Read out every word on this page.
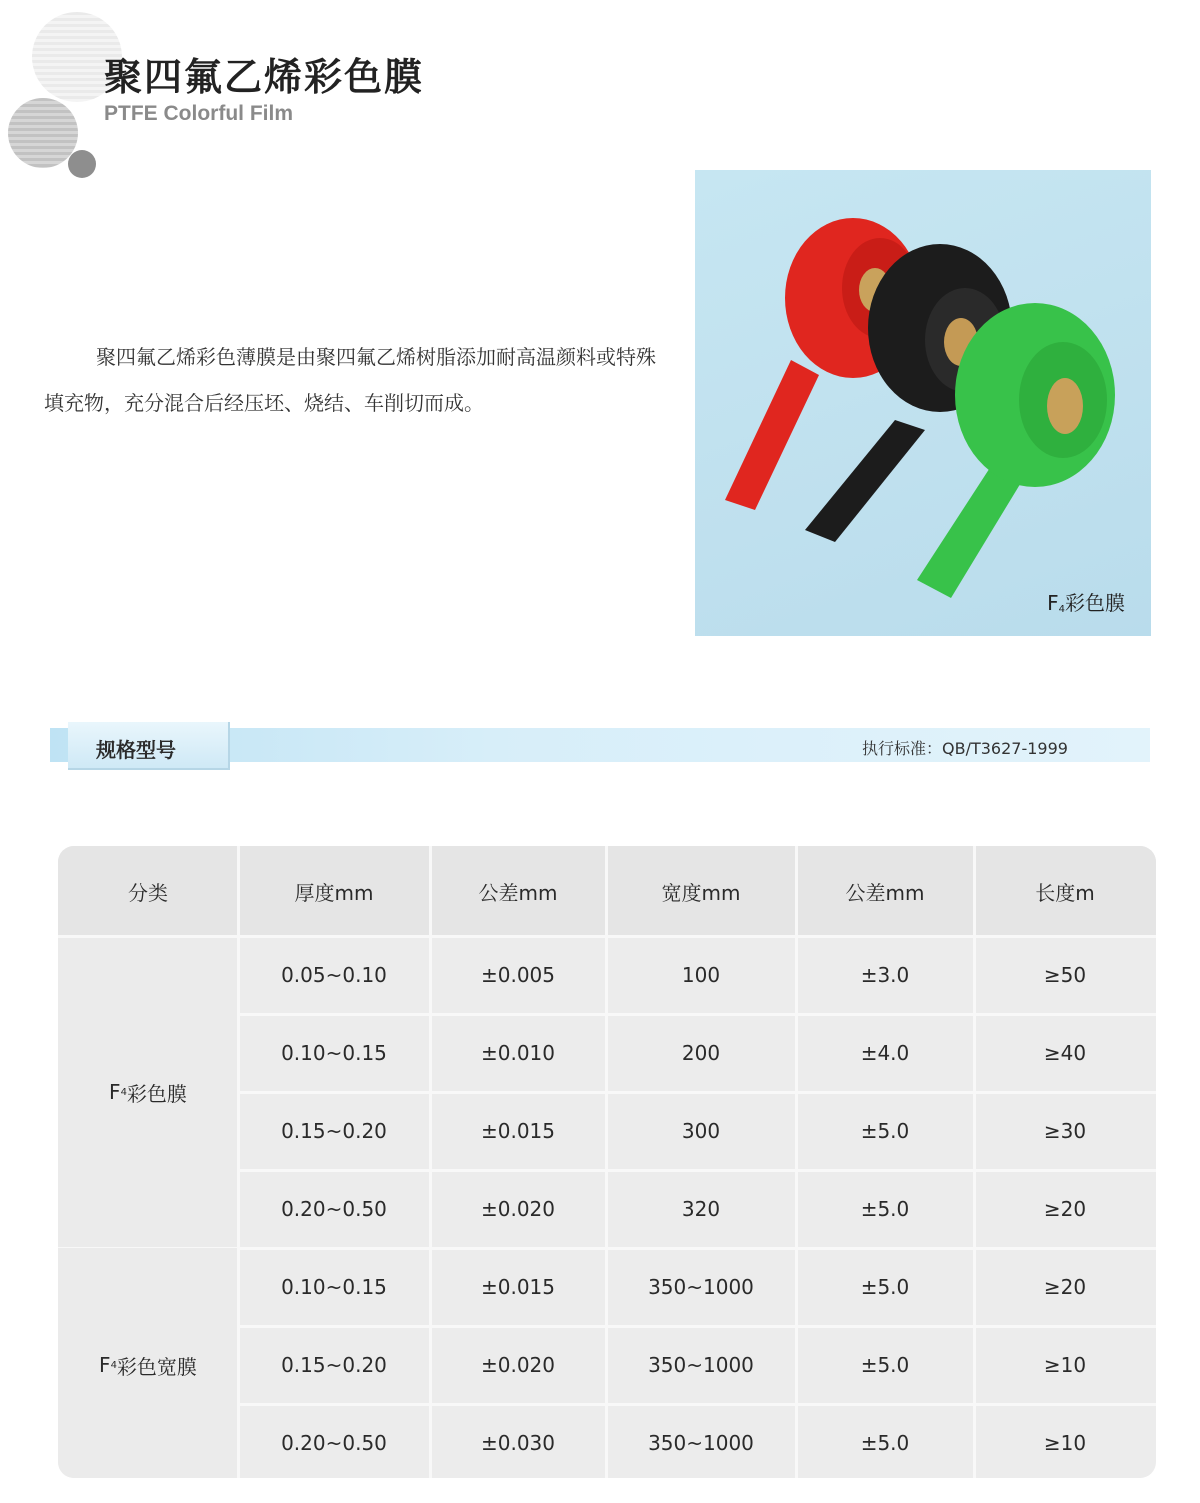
聚四氟乙烯彩色膜
PTFE Colorful Film

聚四氟乙烯彩色薄膜是由聚四氟乙烯树脂添加耐高温颜料或特殊填充物，充分混合后经压坯、烧结、车削切而成。

$F_4$彩色膜
规格型号	执行标准：QB/T3627-1999
分类	厚度mm	公差mm	宽度mm	公差mm	长度m
F 4 彩色膜
0.05~0.10	±0.005	100	±3.0	≥50
0.10~0.15	±0.010	200	±4.0	≥40
0.15~0.20	±0.015	300	±5.0	≥30
0.20~0.50	±0.020	320	±5.0	≥20
F 4 彩色宽膜
0.10~0.15	±0.015	350~1000	±5.0	≥20
0.15~0.20	±0.020	350~1000	±5.0	≥10
0.20~0.50	±0.030	350~1000	±5.0	≥10
